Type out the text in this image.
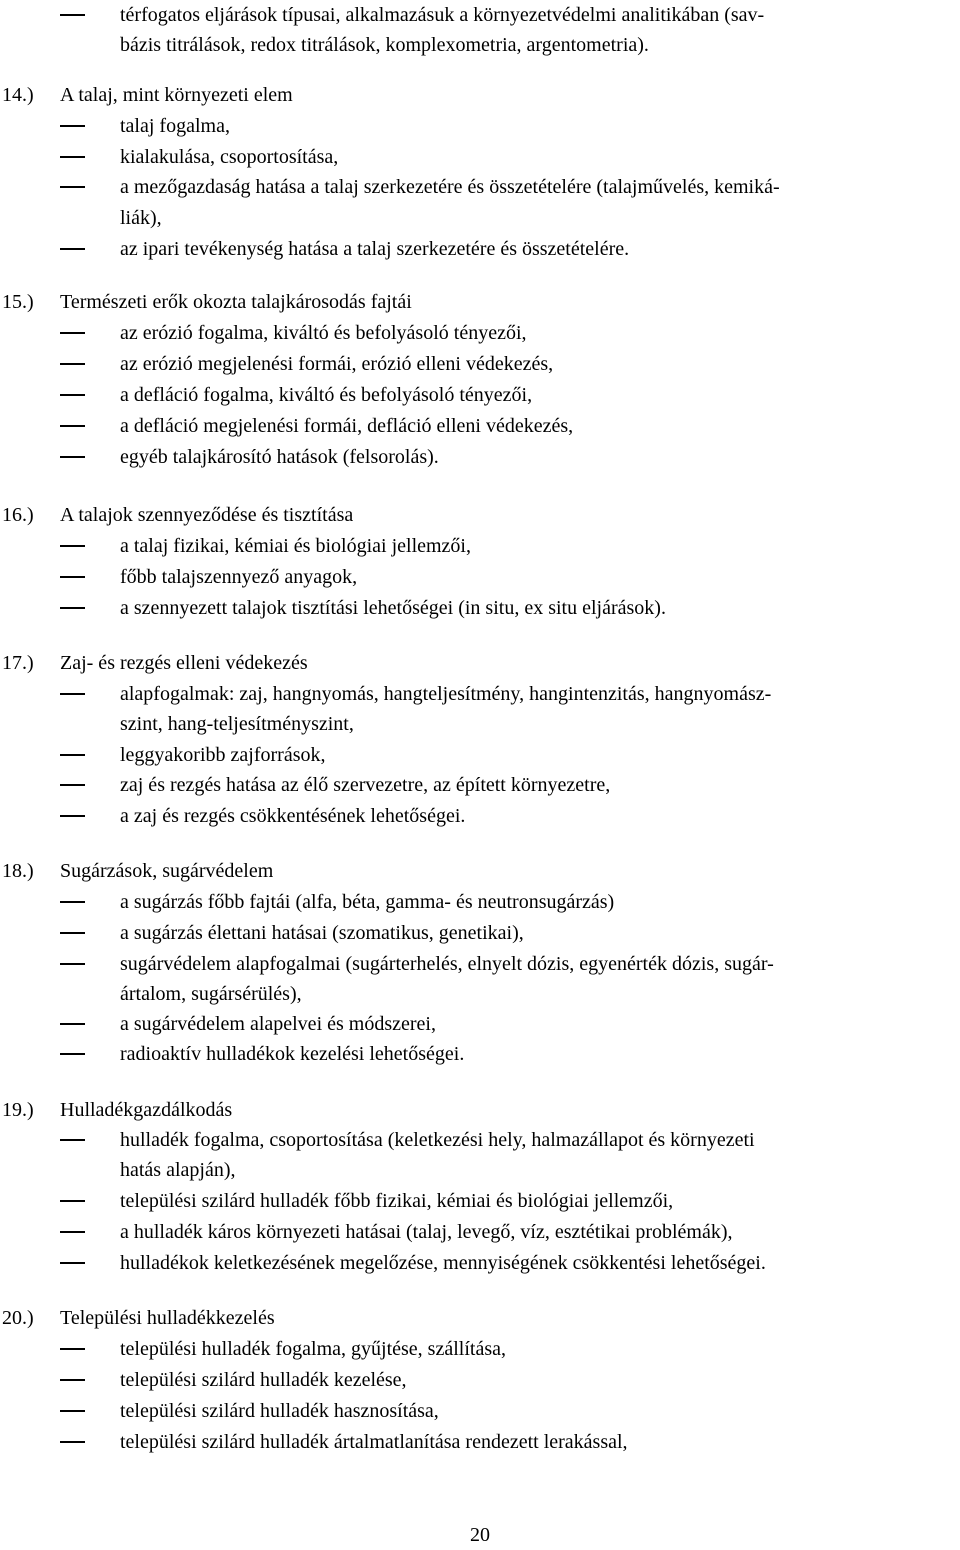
térfogatos eljárások típusai, alkalmazásuk a környezetvédelmi analitikában (sav-
bázis titrálások, redox titrálások, komplexometria, argentometria).
14.) A talaj, mint környezeti elem
talaj fogalma,
kialakulása, csoportosítása,
a mezőgazdaság hatása a talaj szerkezetére és összetételére (talajművelés, kemiká-
liák),
az ipari tevékenység hatása a talaj szerkezetére és összetételére.
15.) Természeti erők okozta talajkárosodás fajtái
az erózió fogalma, kiváltó és befolyásoló tényezői,
az erózió megjelenési formái, erózió elleni védekezés,
a defláció fogalma, kiváltó és befolyásoló tényezői,
a defláció megjelenési formái, defláció elleni védekezés,
egyéb talajkárosító hatások (felsorolás).
16.) A talajok szennyeződése és tisztítása
a talaj fizikai, kémiai és biológiai jellemzői,
főbb talajszennyező anyagok,
a szennyezett talajok tisztítási lehetőségei (in situ, ex situ eljárások).
17.) Zaj- és rezgés elleni védekezés
alapfogalmak: zaj, hangnyomás, hangteljesítmény, hangintenzitás, hangnyomász-
szint, hang-teljesítményszint,
leggyakoribb zajforrások,
zaj és rezgés hatása az élő szervezetre, az épített környezetre,
a zaj és rezgés csökkentésének lehetőségei.
18.) Sugárzások, sugárvédelem
a sugárzás főbb fajtái (alfa, béta, gamma- és neutronsugárzás)
a sugárzás élettani hatásai (szomatikus, genetikai),
sugárvédelem alapfogalmai (sugárterhelés, elnyelt dózis, egyenérték dózis, sugár-
ártalom, sugársérülés),
a sugárvédelem alapelvei és módszerei,
radioaktív hulladékok kezelési lehetőségei.
19.) Hulladékgazdálkodás
hulladék fogalma, csoportosítása (keletkezési hely, halmazállapot és környezeti
hatás alapján),
települési szilárd hulladék főbb fizikai, kémiai és biológiai jellemzői,
a hulladék káros környezeti hatásai (talaj, levegő, víz, esztétikai problémák),
hulladékok keletkezésének megelőzése, mennyiségének csökkentési lehetőségei.
20.) Települési hulladékkezelés
települési hulladék fogalma, gyűjtése, szállítása,
települési szilárd hulladék kezelése,
települési szilárd hulladék hasznosítása,
települési szilárd hulladék ártalmatlanítása rendezett lerakással,
20
